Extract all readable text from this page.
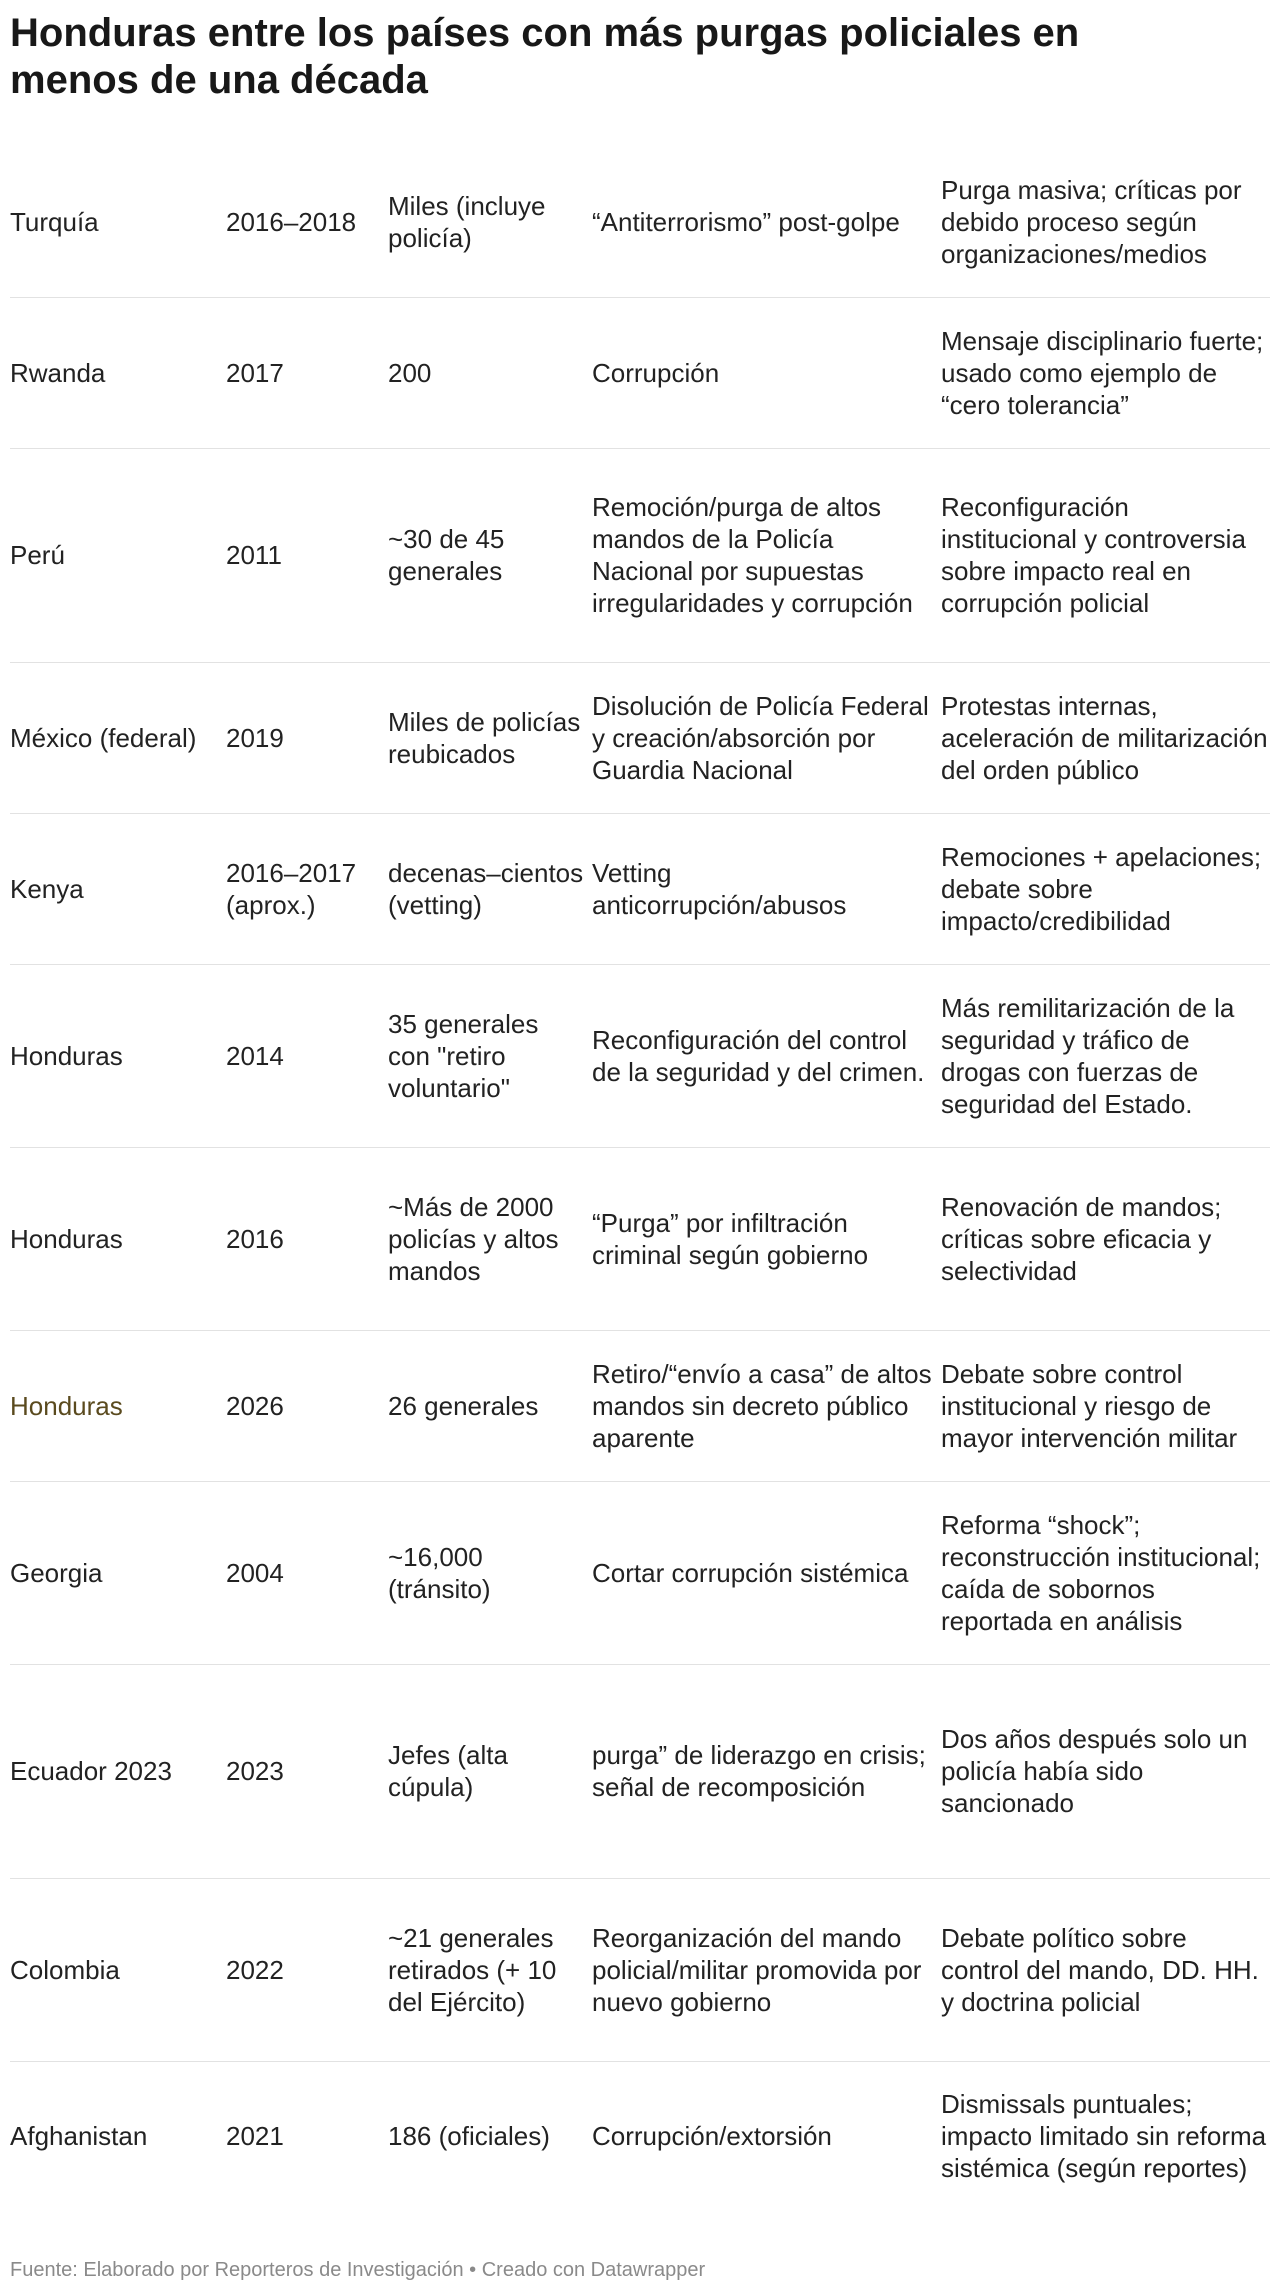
Honduras entre los países con más purgas policiales en menos de una década
Turquía	2016–2018	Miles (incluye policía)	“Antiterrorismo” post-golpe	Purga masiva; críticas por debido proceso según organizaciones/medios
Rwanda	2017	200	Corrupción	Mensaje disciplinario fuerte; usado como ejemplo de “cero tolerancia”
Perú	2011	~30 de 45 generales	Remoción/purga de altos mandos de la Policía Nacional por supuestas irregularidades y corrupción	Reconfiguración institucional y controversia sobre impacto real en corrupción policial
México (federal)	2019	Miles de policías reubicados	Disolución de Policía Federal y creación/absorción por Guardia Nacional	Protestas internas, aceleración de militarización del orden público
Kenya	2016–2017 (aprox.)	decenas–cientos (vetting)	Vetting anticorrupción/abusos	Remociones + apelaciones; debate sobre impacto/credibilidad
Honduras	2014	35 generales con "retiro voluntario"	Reconfiguración del control de la seguridad y del crimen.	Más remilitarización de la seguridad y tráfico de drogas con fuerzas de seguridad del Estado.
Honduras	2016	~Más de 2000 policías y altos mandos	“Purga” por infiltración criminal según gobierno	Renovación de mandos; críticas sobre eficacia y selectividad
Honduras	2026	26 generales	Retiro/“envío a casa” de altos mandos sin decreto público aparente	Debate sobre control institucional y riesgo de mayor intervención militar
Georgia	2004	~16,000 (tránsito)	Cortar corrupción sistémica	Reforma “shock”; reconstrucción institucional; caída de sobornos reportada en análisis
Ecuador 2023	2023	Jefes (alta cúpula)	purga” de liderazgo en crisis; señal de recomposición	Dos años después solo un policía había sido sancionado
Colombia	2022	~21 generales retirados (+ 10 del Ejército)	Reorganización del mando policial/militar promovida por nuevo gobierno	Debate político sobre control del mando, DD. HH. y doctrina policial
Afghanistan	2021	186 (oficiales)	Corrupción/extorsión	Dismissals puntuales; impacto limitado sin reforma sistémica (según reportes)
Fuente: Elaborado por Reporteros de Investigación • Creado con Datawrapper
